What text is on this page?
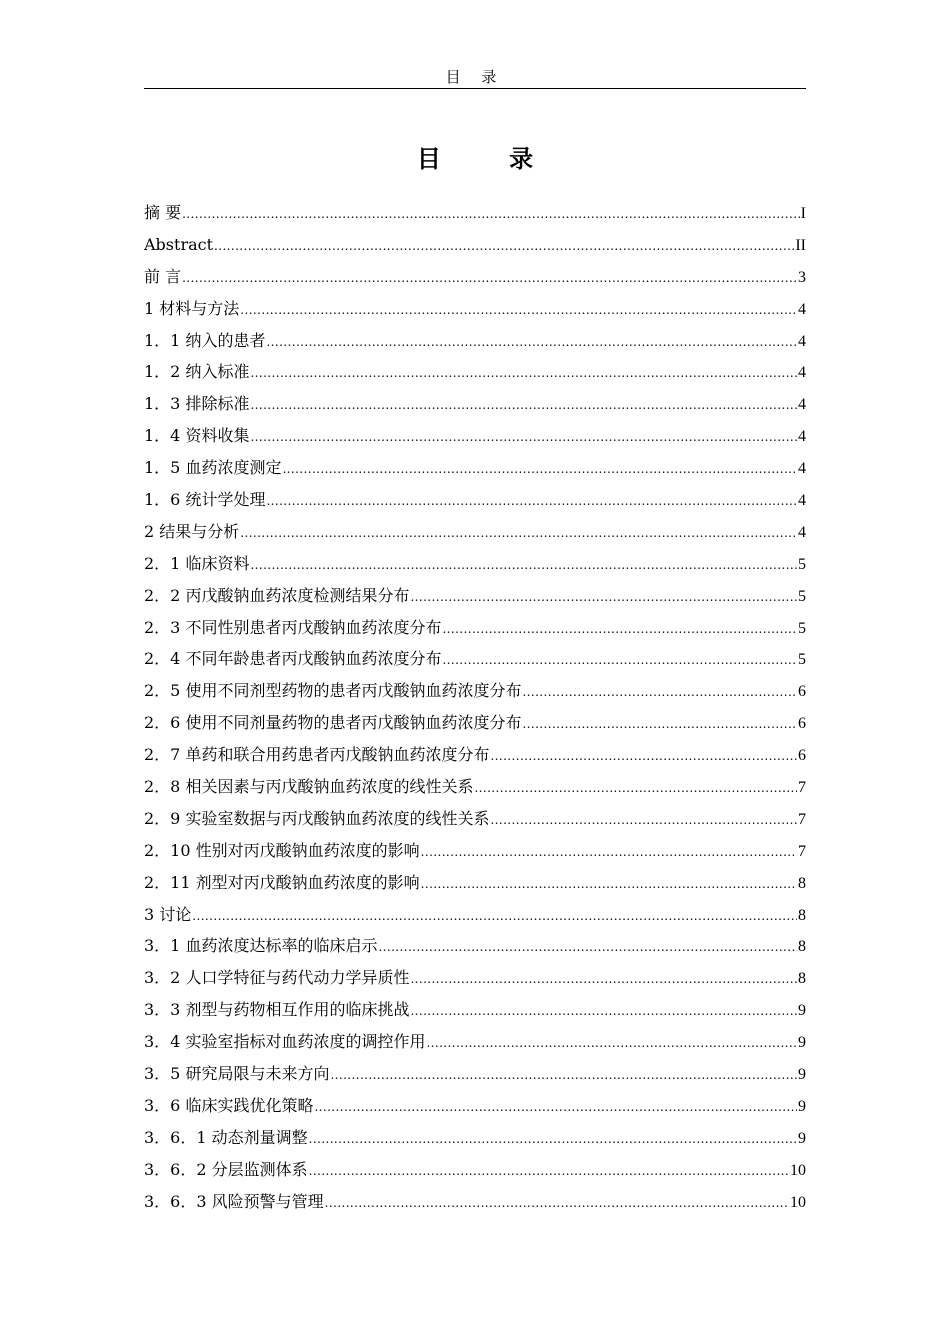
目 录
目 录
摘 要 .....	I
Abstract .....	II
前 言 .....	3
1 材料与方法 .....	4
1．1 纳入的患者 .....	4
1．2 纳入标准 .....	4
1．3 排除标准 .....	4
1．4 资料收集 .....	4
1．5 血药浓度测定 .....	4
1．6 统计学处理 .....	4
2 结果与分析 .....	4
2．1 临床资料 .....	5
2．2 丙戊酸钠血药浓度检测结果分布 .....	5
2．3 不同性别患者丙戊酸钠血药浓度分布 .....	5
2．4 不同年龄患者丙戊酸钠血药浓度分布 .....	5
2．5 使用不同剂型药物的患者丙戊酸钠血药浓度分布 .....	6
2．6 使用不同剂量药物的患者丙戊酸钠血药浓度分布 .....	6
2．7 单药和联合用药患者丙戊酸钠血药浓度分布 .....	6
2．8 相关因素与丙戊酸钠血药浓度的线性关系 .....	7
2．9 实验室数据与丙戊酸钠血药浓度的线性关系 .....	7
2．10 性别对丙戊酸钠血药浓度的影响 .....	7
2．11 剂型对丙戊酸钠血药浓度的影响 .....	8
3 讨论 .....	8
3．1 血药浓度达标率的临床启示 .....	8
3．2 人口学特征与药代动力学异质性 .....	8
3．3 剂型与药物相互作用的临床挑战 .....	9
3．4 实验室指标对血药浓度的调控作用 .....	9
3．5 研究局限与未来方向 .....	9
3．6 临床实践优化策略 .....	9
3．6．1 动态剂量调整 .....	9
3．6．2 分层监测体系 .....	10
3．6．3 风险预警与管理 .....	10
